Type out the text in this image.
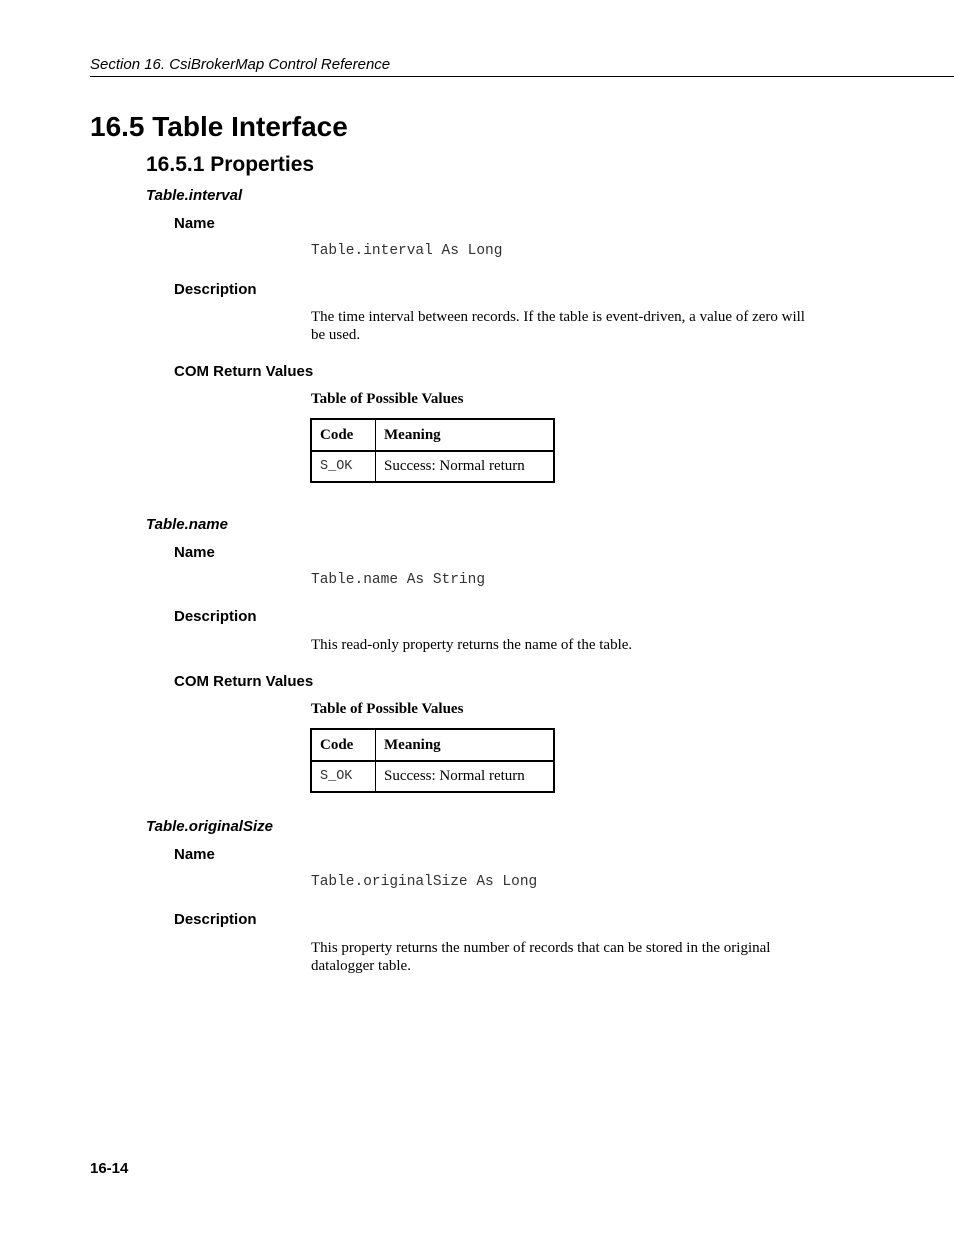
Section 16. CsiBrokerMap Control Reference
16.5 Table Interface
16.5.1 Properties
Table.interval
Name
Table.interval As Long
Description
The time interval between records. If the table is event-driven, a value of zero will be used.
COM Return Values
Table of Possible Values
Code	Meaning
S_OK	Success: Normal return
Table.name
Name
Table.name As String
Description
This read-only property returns the name of the table.
COM Return Values
Table of Possible Values
Code	Meaning
S_OK	Success: Normal return
Table.originalSize
Name
Table.originalSize As Long
Description
This property returns the number of records that can be stored in the original datalogger table.
16-14
